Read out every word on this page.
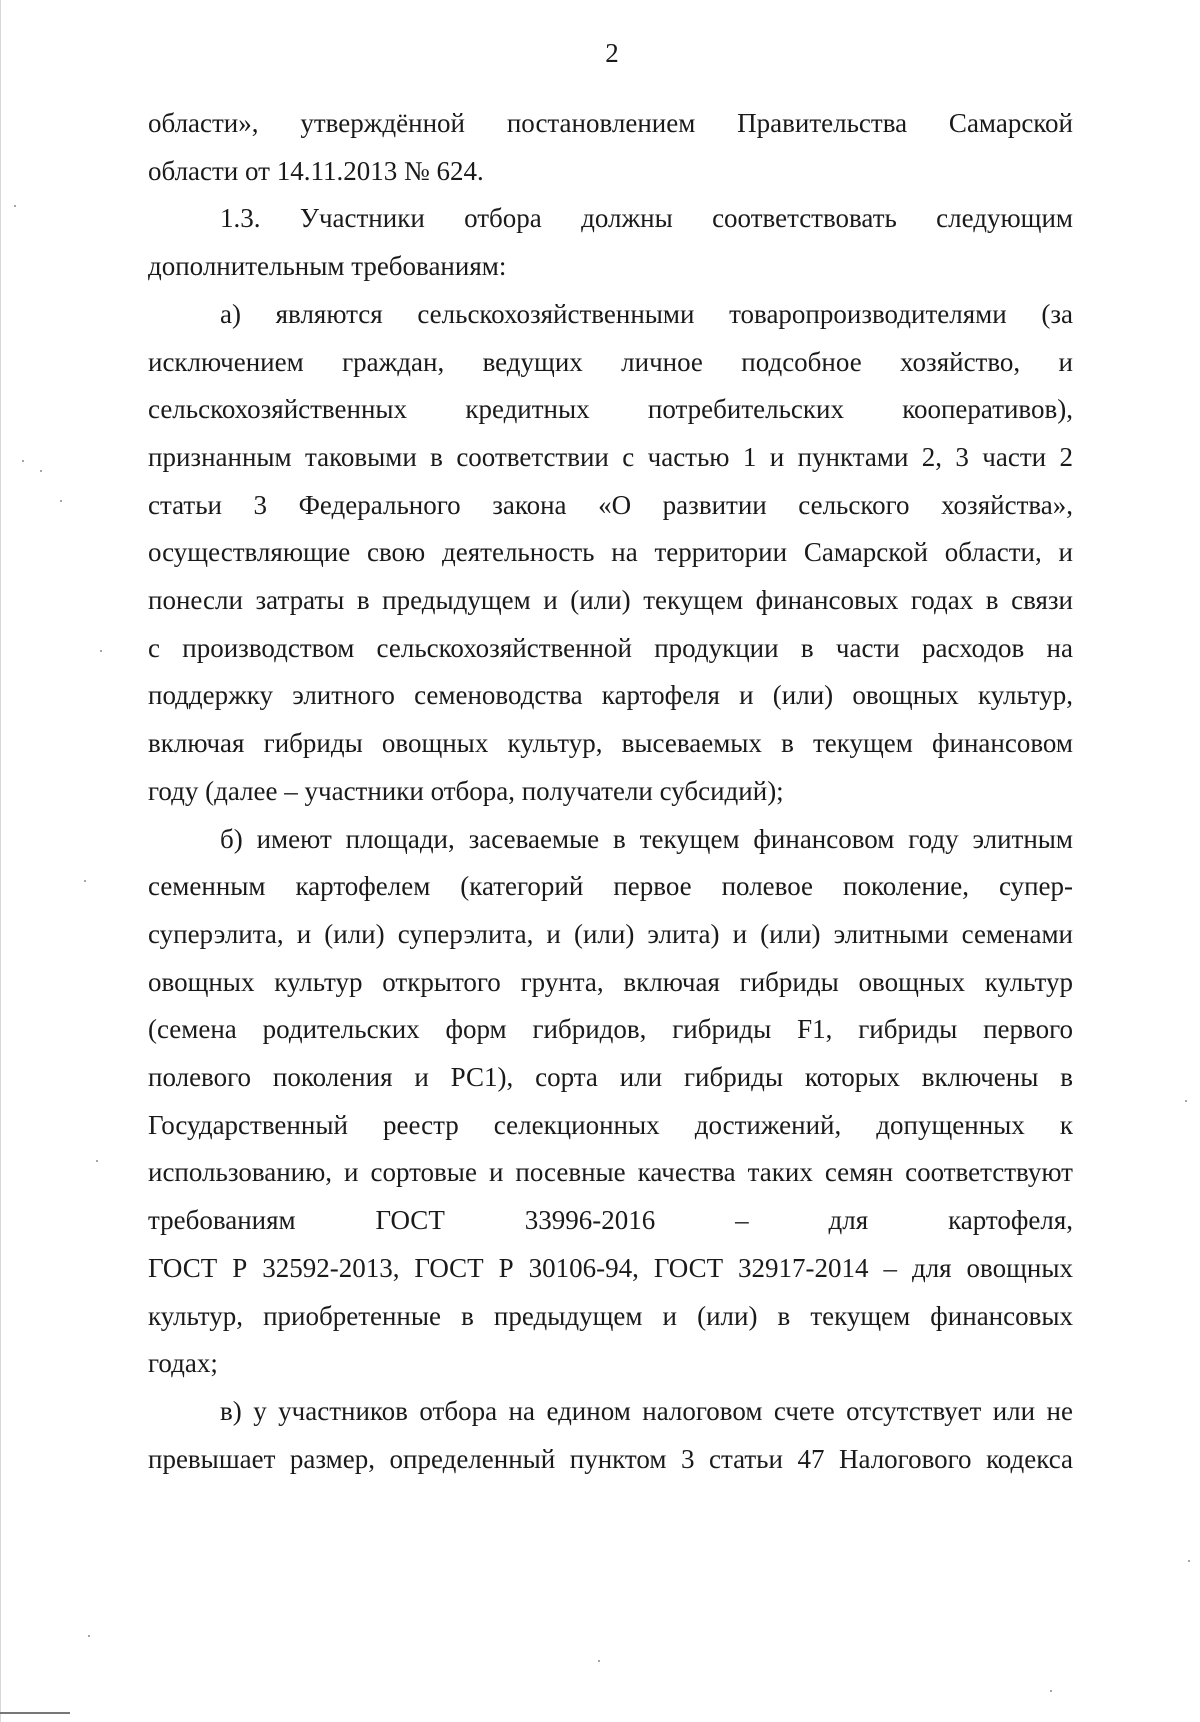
2
области», утверждённой постановлением Правительства Самарской
области от 14.11.2013 № 624.
1.3. Участники отбора должны соответствовать следующим
дополнительным требованиям:
а) являются сельскохозяйственными товаропроизводителями (за
исключением граждан, ведущих личное подсобное хозяйство, и
сельскохозяйственных кредитных потребительских кооперативов),
признанным таковыми в соответствии с частью 1 и пунктами 2, 3 части 2
статьи 3 Федерального закона «О развитии сельского хозяйства»,
осуществляющие свою деятельность на территории Самарской области, и
понесли затраты в предыдущем и (или) текущем финансовых годах в связи
с производством сельскохозяйственной продукции в части расходов на
поддержку элитного семеноводства картофеля и (или) овощных культур,
включая гибриды овощных культур, высеваемых в текущем финансовом
году (далее – участники отбора, получатели субсидий);
б) имеют площади, засеваемые в текущем финансовом году элитным
семенным картофелем (категорий первое полевое поколение, супер-
суперэлита, и (или) суперэлита, и (или) элита) и (или) элитными семенами
овощных культур открытого грунта, включая гибриды овощных культур
(семена родительских форм гибридов, гибриды F1, гибриды первого
полевого поколения и РС1), сорта или гибриды которых включены в
Государственный реестр селекционных достижений, допущенных к
использованию, и сортовые и посевные качества таких семян соответствуют
требованиям ГОСТ 33996-2016 – для картофеля,
ГОСТ Р 32592-2013, ГОСТ Р 30106-94, ГОСТ 32917-2014 – для овощных
культур, приобретенные в предыдущем и (или) в текущем финансовых
годах;
в) у участников отбора на едином налоговом счете отсутствует или не
превышает размер, определенный пунктом 3 статьи 47 Налогового кодекса
